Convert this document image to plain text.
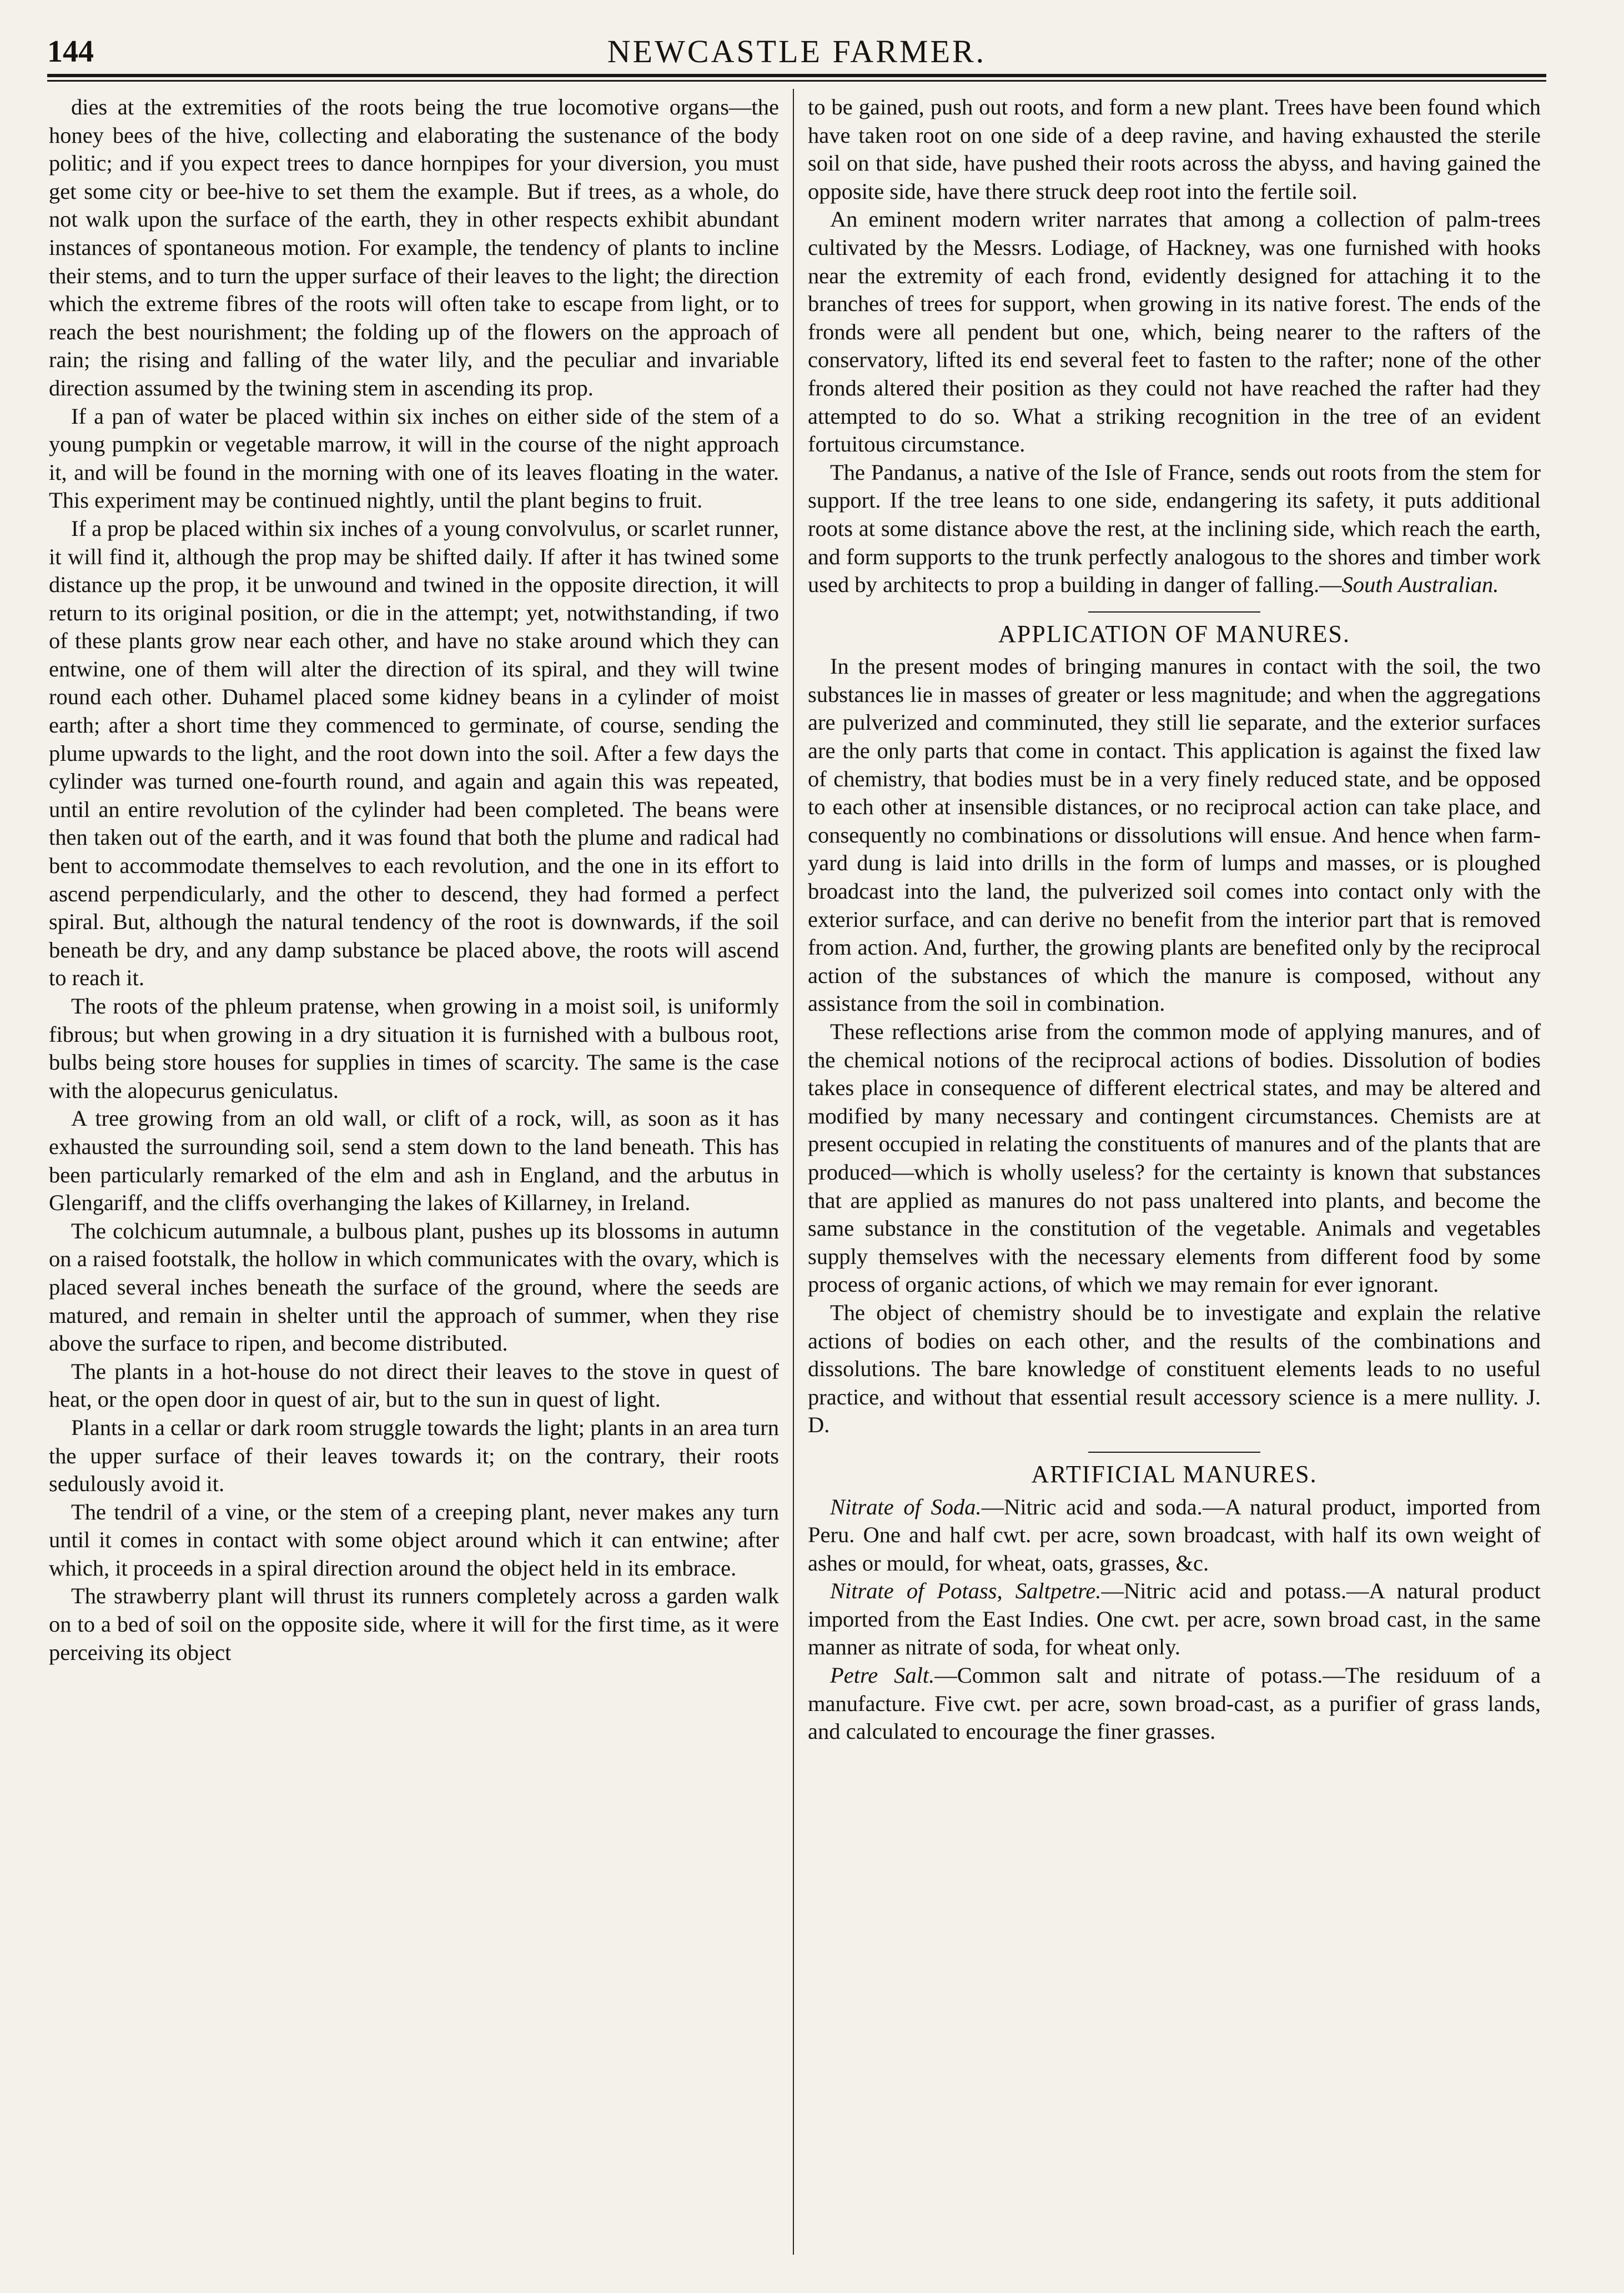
144	NEWCASTLE FARMER.

dies at the extremities of the roots being the true locomotive organs—the honey bees of the hive, collecting and elaborating the sustenance of the body politic; and if you expect trees to dance hornpipes for your diversion, you must get some city or bee-hive to set them the example. But if trees, as a whole, do not walk upon the surface of the earth, they in other respects exhibit abundant instances of spontaneous motion. For example, the tendency of plants to incline their stems, and to turn the upper surface of their leaves to the light; the direction which the extreme fibres of the roots will often take to escape from light, or to reach the best nourishment; the folding up of the flowers on the approach of rain; the rising and falling of the water lily, and the peculiar and invariable direction assumed by the twining stem in ascending its prop.

If a pan of water be placed within six inches on either side of the stem of a young pumpkin or vegetable marrow, it will in the course of the night approach it, and will be found in the morning with one of its leaves floating in the water. This experiment may be continued nightly, until the plant begins to fruit.

If a prop be placed within six inches of a young convolvulus, or scarlet runner, it will find it, although the prop may be shifted daily. If after it has twined some distance up the prop, it be unwound and twined in the opposite direction, it will return to its original position, or die in the attempt; yet, notwithstanding, if two of these plants grow near each other, and have no stake around which they can entwine, one of them will alter the direction of its spiral, and they will twine round each other. Duhamel placed some kidney beans in a cylinder of moist earth; after a short time they commenced to germinate, of course, sending the plume upwards to the light, and the root down into the soil. After a few days the cylinder was turned one-fourth round, and again and again this was repeated, until an entire revolution of the cylinder had been completed. The beans were then taken out of the earth, and it was found that both the plume and radical had bent to accommodate themselves to each revolution, and the one in its effort to ascend perpendicularly, and the other to descend, they had formed a perfect spiral. But, although the natural tendency of the root is downwards, if the soil beneath be dry, and any damp substance be placed above, the roots will ascend to reach it.

The roots of the phleum pratense, when growing in a moist soil, is uniformly fibrous; but when growing in a dry situation it is furnished with a bulbous root, bulbs being store houses for supplies in times of scarcity. The same is the case with the alopecurus geniculatus.

A tree growing from an old wall, or clift of a rock, will, as soon as it has exhausted the surrounding soil, send a stem down to the land beneath. This has been particularly remarked of the elm and ash in England, and the arbutus in Glengariff, and the cliffs overhanging the lakes of Killarney, in Ireland.

The colchicum autumnale, a bulbous plant, pushes up its blossoms in autumn on a raised footstalk, the hollow in which communicates with the ovary, which is placed several inches beneath the surface of the ground, where the seeds are matured, and remain in shelter until the approach of summer, when they rise above the surface to ripen, and become distributed.

The plants in a hot-house do not direct their leaves to the stove in quest of heat, or the open door in quest of air, but to the sun in quest of light.

Plants in a cellar or dark room struggle towards the light; plants in an area turn the upper surface of their leaves towards it; on the contrary, their roots sedulously avoid it.

The tendril of a vine, or the stem of a creeping plant, never makes any turn until it comes in contact with some object around which it can entwine; after which, it proceeds in a spiral direction around the object held in its embrace.

The strawberry plant will thrust its runners completely across a garden walk on to a bed of soil on the opposite side, where it will for the first time, as it were perceiving its object

to be gained, push out roots, and form a new plant. Trees have been found which have taken root on one side of a deep ravine, and having exhausted the sterile soil on that side, have pushed their roots across the abyss, and having gained the opposite side, have there struck deep root into the fertile soil.

An eminent modern writer narrates that among a collection of palm-trees cultivated by the Messrs. Lodiage, of Hackney, was one furnished with hooks near the extremity of each frond, evidently designed for attaching it to the branches of trees for support, when growing in its native forest. The ends of the fronds were all pendent but one, which, being nearer to the rafters of the conservatory, lifted its end several feet to fasten to the rafter; none of the other fronds altered their position as they could not have reached the rafter had they attempted to do so. What a striking recognition in the tree of an evident fortuitous circumstance.

The Pandanus, a native of the Isle of France, sends out roots from the stem for support. If the tree leans to one side, endangering its safety, it puts additional roots at some distance above the rest, at the inclining side, which reach the earth, and form supports to the trunk perfectly analogous to the shores and timber work used by architects to prop a building in danger of falling.—South Australian.

APPLICATION OF MANURES.

In the present modes of bringing manures in contact with the soil, the two substances lie in masses of greater or less magnitude; and when the aggregations are pulverized and comminuted, they still lie separate, and the exterior surfaces are the only parts that come in contact. This application is against the fixed law of chemistry, that bodies must be in a very finely reduced state, and be opposed to each other at insensible distances, or no reciprocal action can take place, and consequently no combinations or dissolutions will ensue. And hence when farm-yard dung is laid into drills in the form of lumps and masses, or is ploughed broadcast into the land, the pulverized soil comes into contact only with the exterior surface, and can derive no benefit from the interior part that is removed from action. And, further, the growing plants are benefited only by the reciprocal action of the substances of which the manure is composed, without any assistance from the soil in combination.

These reflections arise from the common mode of applying manures, and of the chemical notions of the reciprocal actions of bodies. Dissolution of bodies takes place in consequence of different electrical states, and may be altered and modified by many necessary and contingent circumstances. Chemists are at present occupied in relating the constituents of manures and of the plants that are produced—which is wholly useless? for the certainty is known that substances that are applied as manures do not pass unaltered into plants, and become the same substance in the constitution of the vegetable. Animals and vegetables supply themselves with the necessary elements from different food by some process of organic actions, of which we may remain for ever ignorant.

The object of chemistry should be to investigate and explain the relative actions of bodies on each other, and the results of the combinations and dissolutions. The bare knowledge of constituent elements leads to no useful practice, and without that essential result accessory science is a mere nullity. J. D.

ARTIFICIAL MANURES.

Nitrate of Soda.—Nitric acid and soda.—A natural product, imported from Peru. One and half cwt. per acre, sown broadcast, with half its own weight of ashes or mould, for wheat, oats, grasses, &c.

Nitrate of Potass, Saltpetre.—Nitric acid and potass.—A natural product imported from the East Indies. One cwt. per acre, sown broad cast, in the same manner as nitrate of soda, for wheat only.

Petre Salt.—Common salt and nitrate of potass.—The residuum of a manufacture. Five cwt. per acre, sown broad-cast, as a purifier of grass lands, and calculated to encourage the finer grasses.
